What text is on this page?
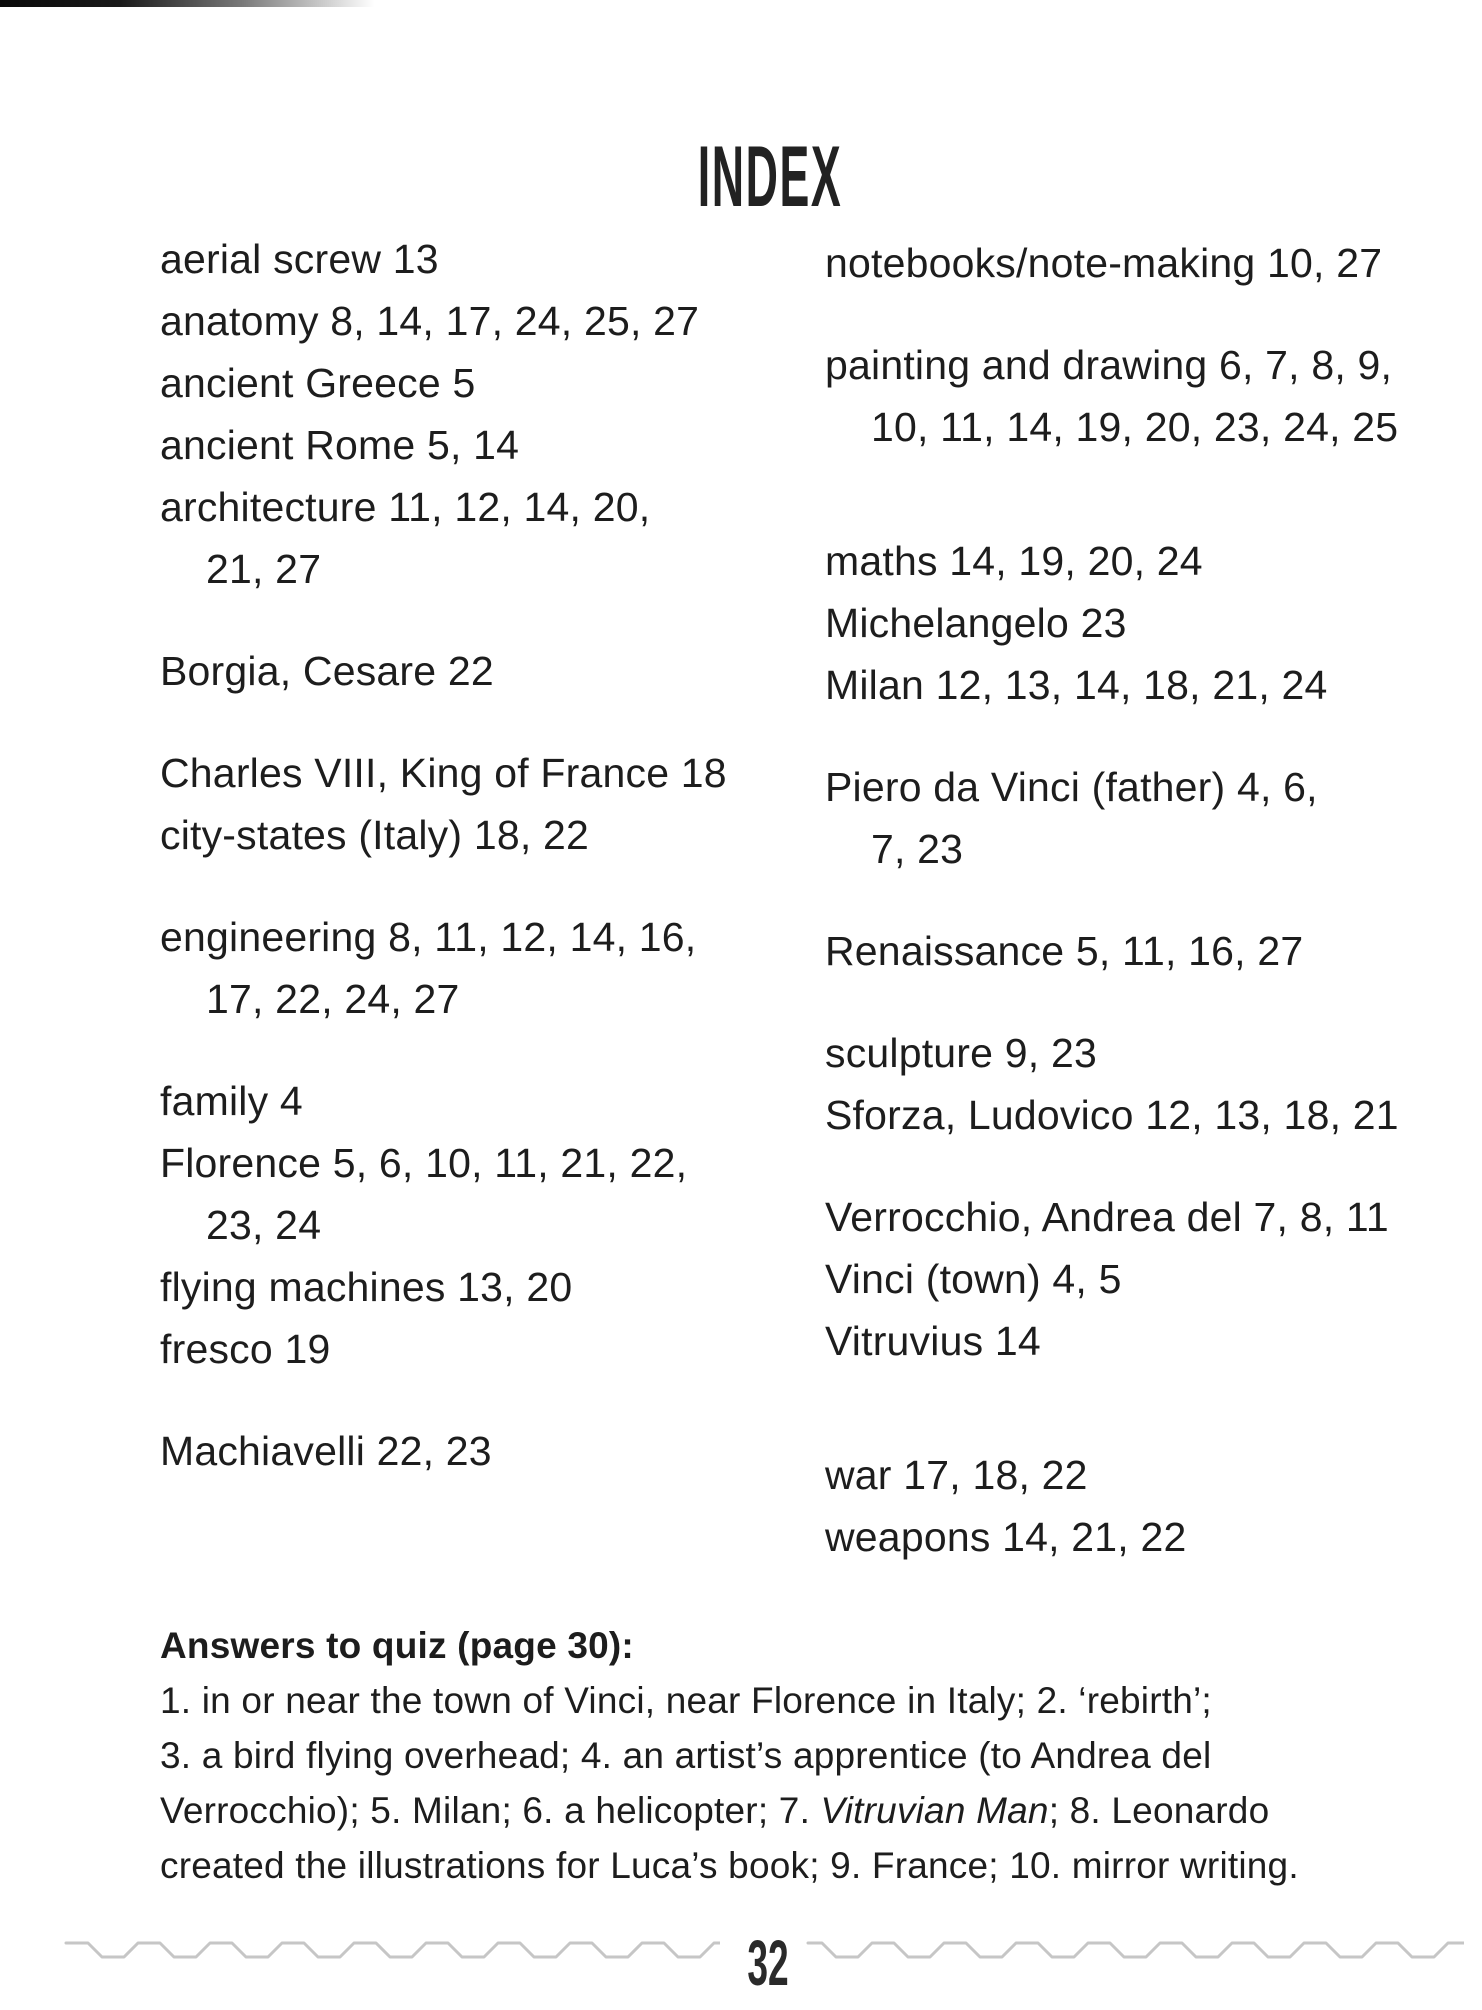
INDEX
aerial screw 13
anatomy 8, 14, 17, 24, 25, 27
ancient Greece 5
ancient Rome 5, 14
architecture 11, 12, 14, 20,
21, 27
Borgia, Cesare 22
Charles VIII, King of France 18
city-states (Italy) 18, 22
engineering 8, 11, 12, 14, 16,
17, 22, 24, 27
family 4
Florence 5, 6, 10, 11, 21, 22,
23, 24
flying machines 13, 20
fresco 19
Machiavelli 22, 23
notebooks/note-making 10, 27
painting and drawing 6, 7, 8, 9,
10, 11, 14, 19, 20, 23, 24, 25
maths 14, 19, 20, 24
Michelangelo 23
Milan 12, 13, 14, 18, 21, 24
Piero da Vinci (father) 4, 6,
7, 23
Renaissance 5, 11, 16, 27
sculpture 9, 23
Sforza, Ludovico 12, 13, 18, 21
Verrocchio, Andrea del 7, 8, 11
Vinci (town) 4, 5
Vitruvius 14
war 17, 18, 22
weapons 14, 21, 22
Answers to quiz (page 30):
1. in or near the town of Vinci, near Florence in Italy; 2. ‘rebirth’;
3. a bird flying overhead; 4. an artist’s apprentice (to Andrea del
Verrocchio); 5. Milan; 6. a helicopter; 7. Vitruvian Man; 8. Leonardo
created the illustrations for Luca’s book; 9. France; 10. mirror writing.
32
